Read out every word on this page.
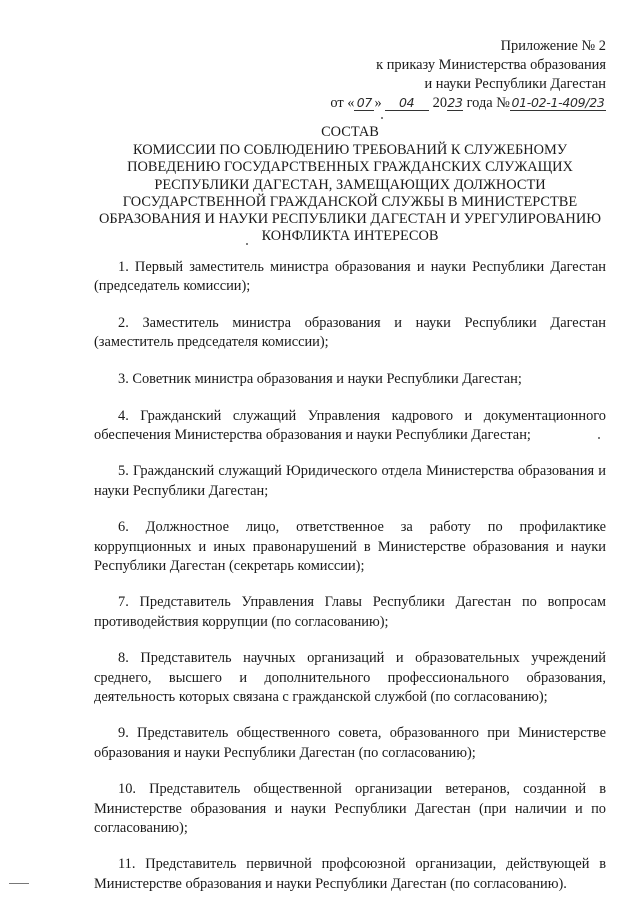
Приложение № 2
к приказу Министерства образования
и науки Республики Дагестан
от « 07 » 04 2023 года №01-02-1-409/23
СОСТАВ
КОМИССИИ ПО СОБЛЮДЕНИЮ ТРЕБОВАНИЙ К СЛУЖЕБНОМУ
ПОВЕДЕНИЮ ГОСУДАРСТВЕННЫХ ГРАЖДАНСКИХ СЛУЖАЩИХ
РЕСПУБЛИКИ ДАГЕСТАН, ЗАМЕЩАЮЩИХ ДОЛЖНОСТИ
ГОСУДАРСТВЕННОЙ ГРАЖДАНСКОЙ СЛУЖБЫ В МИНИСТЕРСТВЕ
ОБРАЗОВАНИЯ И НАУКИ РЕСПУБЛИКИ ДАГЕСТАН И УРЕГУЛИРОВАНИЮ
КОНФЛИКТА ИНТЕРЕСОВ

1. Первый заместитель министра образования и науки Республики Дагестан (председатель комиссии);

2. Заместитель министра образования и науки Республики Дагестан (заместитель председателя комиссии);

3. Советник министра образования и науки Республики Дагестан;

4. Гражданский служащий Управления кадрового и документационного обеспечения Министерства образования и науки Республики Дагестан;

5. Гражданский служащий Юридического отдела Министерства образования и науки Республики Дагестан;

6. Должностное лицо, ответственное за работу по профилактике коррупционных и иных правонарушений в Министерстве образования и науки Республики Дагестан (секретарь комиссии);

7. Представитель Управления Главы Республики Дагестан по вопросам противодействия коррупции (по согласованию);

8. Представитель научных организаций и образовательных учреждений среднего, высшего и дополнительного профессионального образования, деятельность которых связана с гражданской службой (по согласованию);

9. Представитель общественного совета, образованного при Министерстве образования и науки Республики Дагестан (по согласованию);

10. Представитель общественной организации ветеранов, созданной в Министерстве образования и науки Республики Дагестан (при наличии и по согласованию);

11. Представитель первичной профсоюзной организации, действующей в Министерстве образования и науки Республики Дагестан (по согласованию).
